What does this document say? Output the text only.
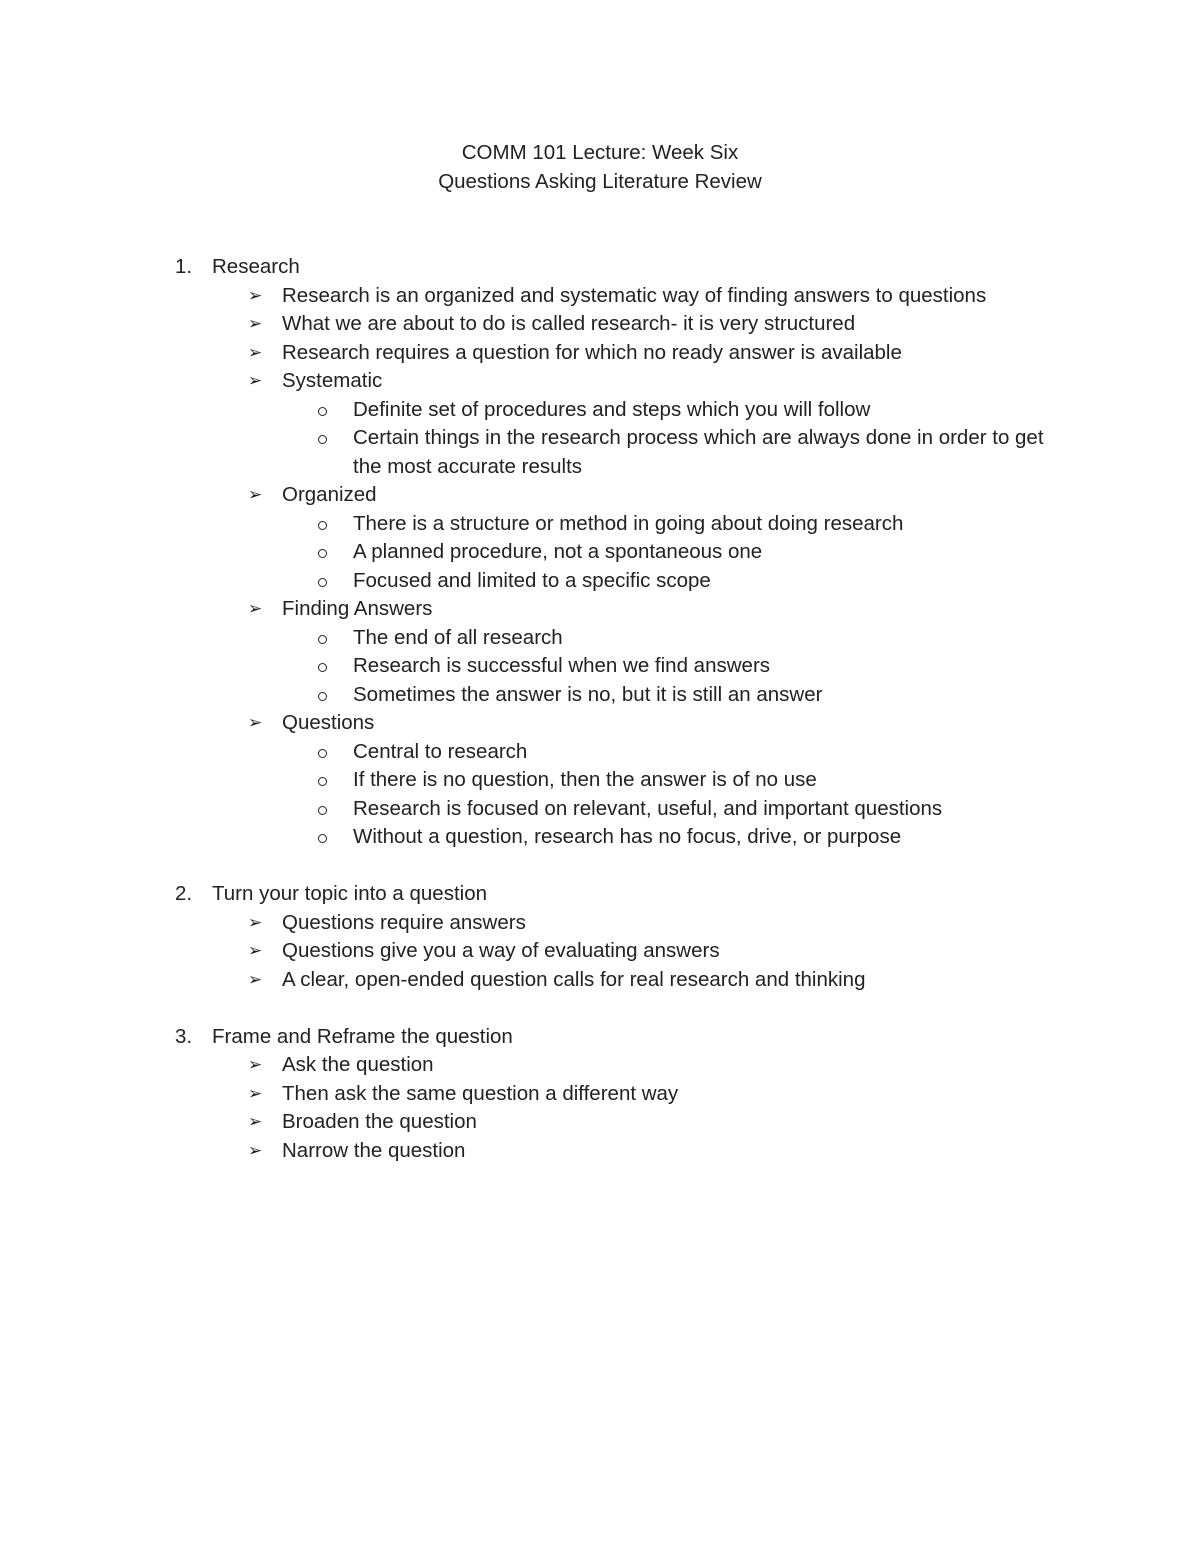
COMM 101 Lecture: Week Six
Questions Asking Literature Review
1. Research
➢ Research is an organized and systematic way of finding answers to questions
➢ What we are about to do is called research- it is very structured
➢ Research requires a question for which no ready answer is available
➢ Systematic
Definite set of procedures and steps which you will follow
Certain things in the research process which are always done in order to get the most accurate results
➢ Organized
There is a structure or method in going about doing research
A planned procedure, not a spontaneous one
Focused and limited to a specific scope
➢ Finding Answers
The end of all research
Research is successful when we find answers
Sometimes the answer is no, but it is still an answer
➢ Questions
Central to research
If there is no question, then the answer is of no use
Research is focused on relevant, useful, and important questions
Without a question, research has no focus, drive, or purpose
2. Turn your topic into a question
➢ Questions require answers
➢ Questions give you a way of evaluating answers
➢ A clear, open-ended question calls for real research and thinking
3. Frame and Reframe the question
➢ Ask the question
➢ Then ask the same question a different way
➢ Broaden the question
➢ Narrow the question
